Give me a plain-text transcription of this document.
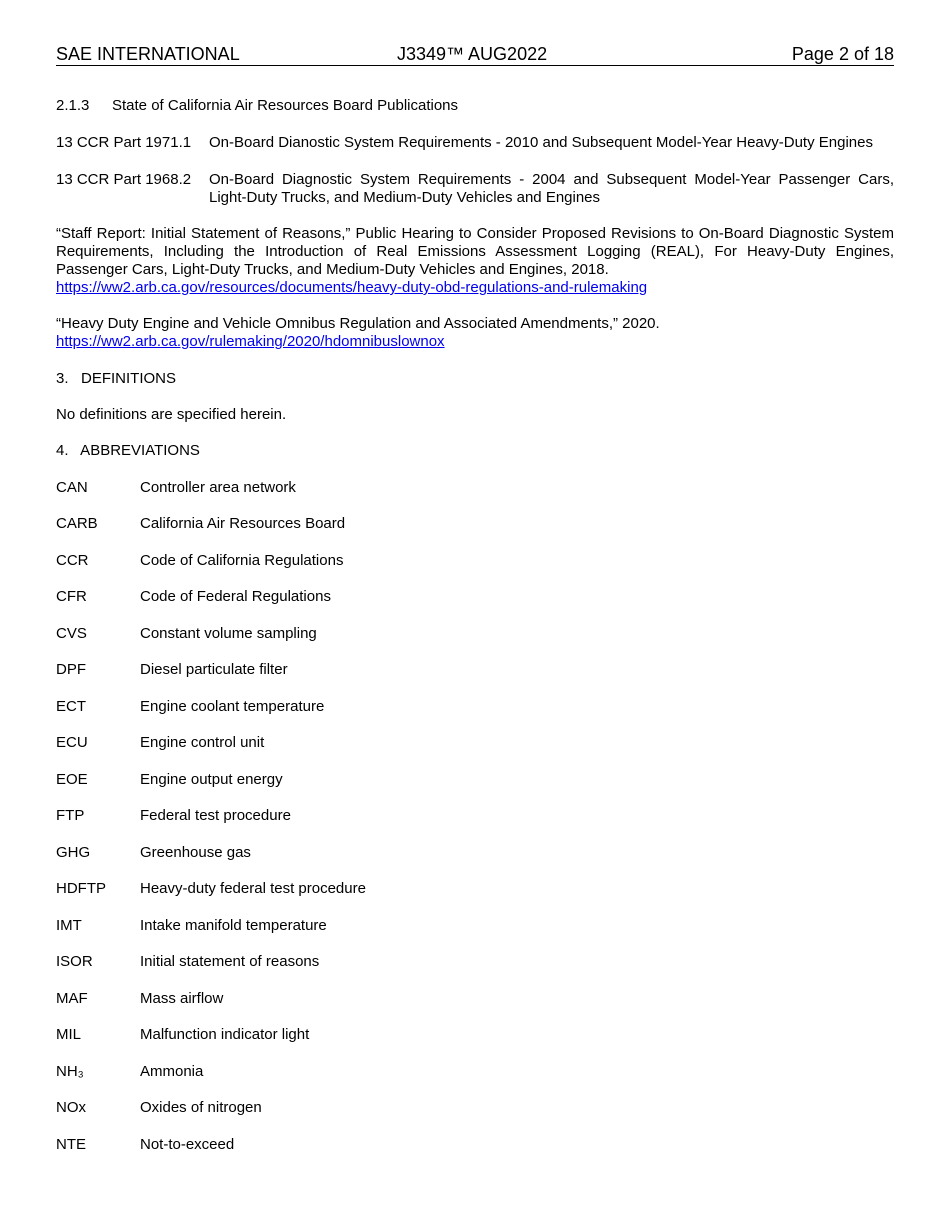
SAE INTERNATIONAL	J3349™ AUG2022	Page 2 of 18
2.1.3 State of California Air Resources Board Publications
13 CCR Part 1971.1 On-Board Dianostic System Requirements - 2010 and Subsequent Model-Year Heavy-Duty Engines
13 CCR Part 1968.2 On-Board Diagnostic System Requirements - 2004 and Subsequent Model-Year Passenger Cars, Light-Duty Trucks, and Medium-Duty Vehicles and Engines
“Staff Report: Initial Statement of Reasons,” Public Hearing to Consider Proposed Revisions to On-Board Diagnostic System Requirements, Including the Introduction of Real Emissions Assessment Logging (REAL), For Heavy-Duty Engines, Passenger Cars, Light-Duty Trucks, and Medium-Duty Vehicles and Engines, 2018.
https://ww2.arb.ca.gov/resources/documents/heavy-duty-obd-regulations-and-rulemaking
“Heavy Duty Engine and Vehicle Omnibus Regulation and Associated Amendments,” 2020.
https://ww2.arb.ca.gov/rulemaking/2020/hdomnibuslownox
3.   DEFINITIONS
No definitions are specified herein.
4.   ABBREVIATIONS
CAN	Controller area network
CARB	California Air Resources Board
CCR	Code of California Regulations
CFR	Code of Federal Regulations
CVS	Constant volume sampling
DPF	Diesel particulate filter
ECT	Engine coolant temperature
ECU	Engine control unit
EOE	Engine output energy
FTP	Federal test procedure
GHG	Greenhouse gas
HDFTP Heavy-duty federal test procedure
IMT	Intake manifold temperature
ISOR	Initial statement of reasons
MAF	Mass airflow
MIL	Malfunction indicator light
NH₃	Ammonia
NOx	Oxides of nitrogen
NTE	Not-to-exceed
